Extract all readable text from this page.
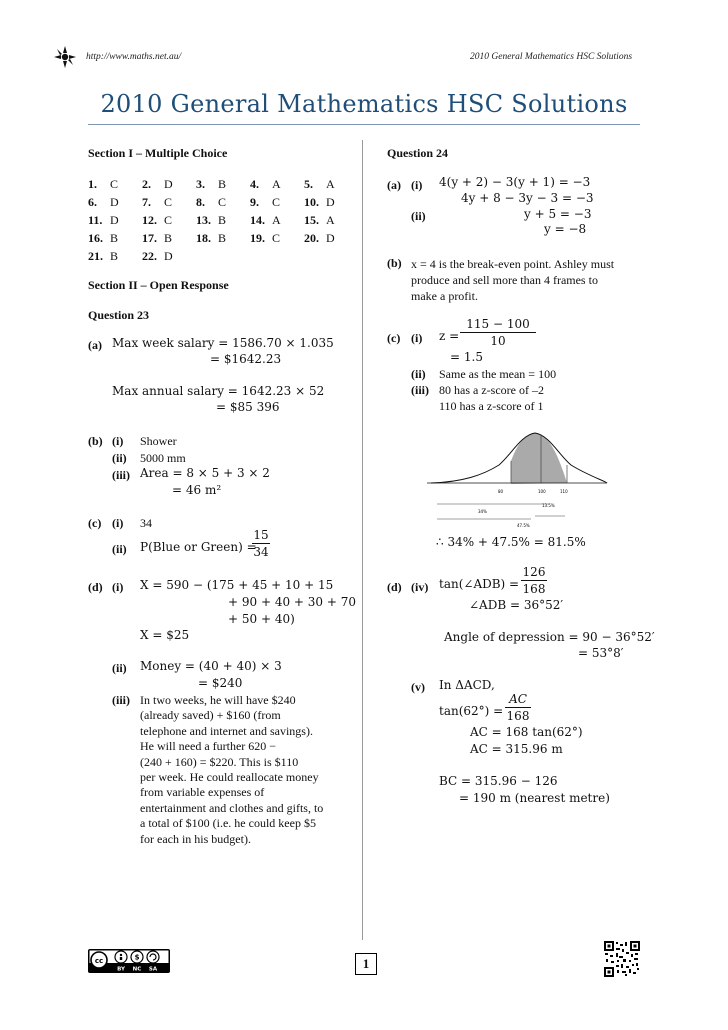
http://www.maths.net.au/	2010 General Mathematics HSC Solutions
2010 General Mathematics HSC Solutions
Section I – Multiple Choice
1.	C	2.	D	3.	B	4.	A	5.	A
6.	D	7.	C	8.	C	9.	C	10.	D
11.	D	12.	C	13.	B	14.	A	15.	A
16.	B	17.	B	18.	B	19.	C	20.	D
21.	B	22.	D						
Section II – Open Response
Question 23
(a) Max week salary = 1586.70 × 1.035
= $1642.23
Max annual salary = 1642.23 × 52
= $85 396
(b) (i) Shower
(ii) 5000 mm
(iii) Area = 8 × 5 + 3 × 2
= 46 m²
(c) (i) 34
(ii) P(Blue or Green) =
$\frac{15}{34}$
(d) (i) X = 590 − (175 + 45 + 10 + 15
+ 90 + 40 + 30 + 70
+ 50 + 40)
X = $25
(ii) Money = (40 + 40) × 3
= $240
(iii) In two weeks, he will have $240
(already saved) + $160 (from
telephone and internet and savings).
He will need a further 620 −
(240 + 160) = $220. This is $110
per week. He could reallocate money
from variable expenses of
entertainment and clothes and gifts, to
a total of $100 (i.e. he could keep $5
for each in his budget).
Question 24
(a) (i) 4(y + 2) − 3(y + 1) = −3
4y + 8 − 3y − 3 = −3
(ii)	y + 5 = −3
y = −8
(b) x = 4 is the break-even point. Ashley must
produce and sell more than 4 frames to
make a profit.
(c) (i) $z = \frac{115 - 100}{10}$
= 1.5
(ii) Same as the mean = 100
(iii) 80 has a z-score of –2
110 has a z-score of 1
80	100	110
34%
13.5%
47.5%
∴ 34% + 47.5% = 81.5%
(d) (iv) tan(∠ADB) = $\frac{126}{168}$
∠ADB = 36°52′
Angle of depression = 90 − 36°52′
= 53°8′
(v) In ΔACD,
$\tan(62^\circ) = \frac{AC}{168}$
AC = 168 tan(62°)
AC = 315.96 m
BC = 315.96 − 126
= 190 m (nearest metre)
cc	$
BY NC SA	1
